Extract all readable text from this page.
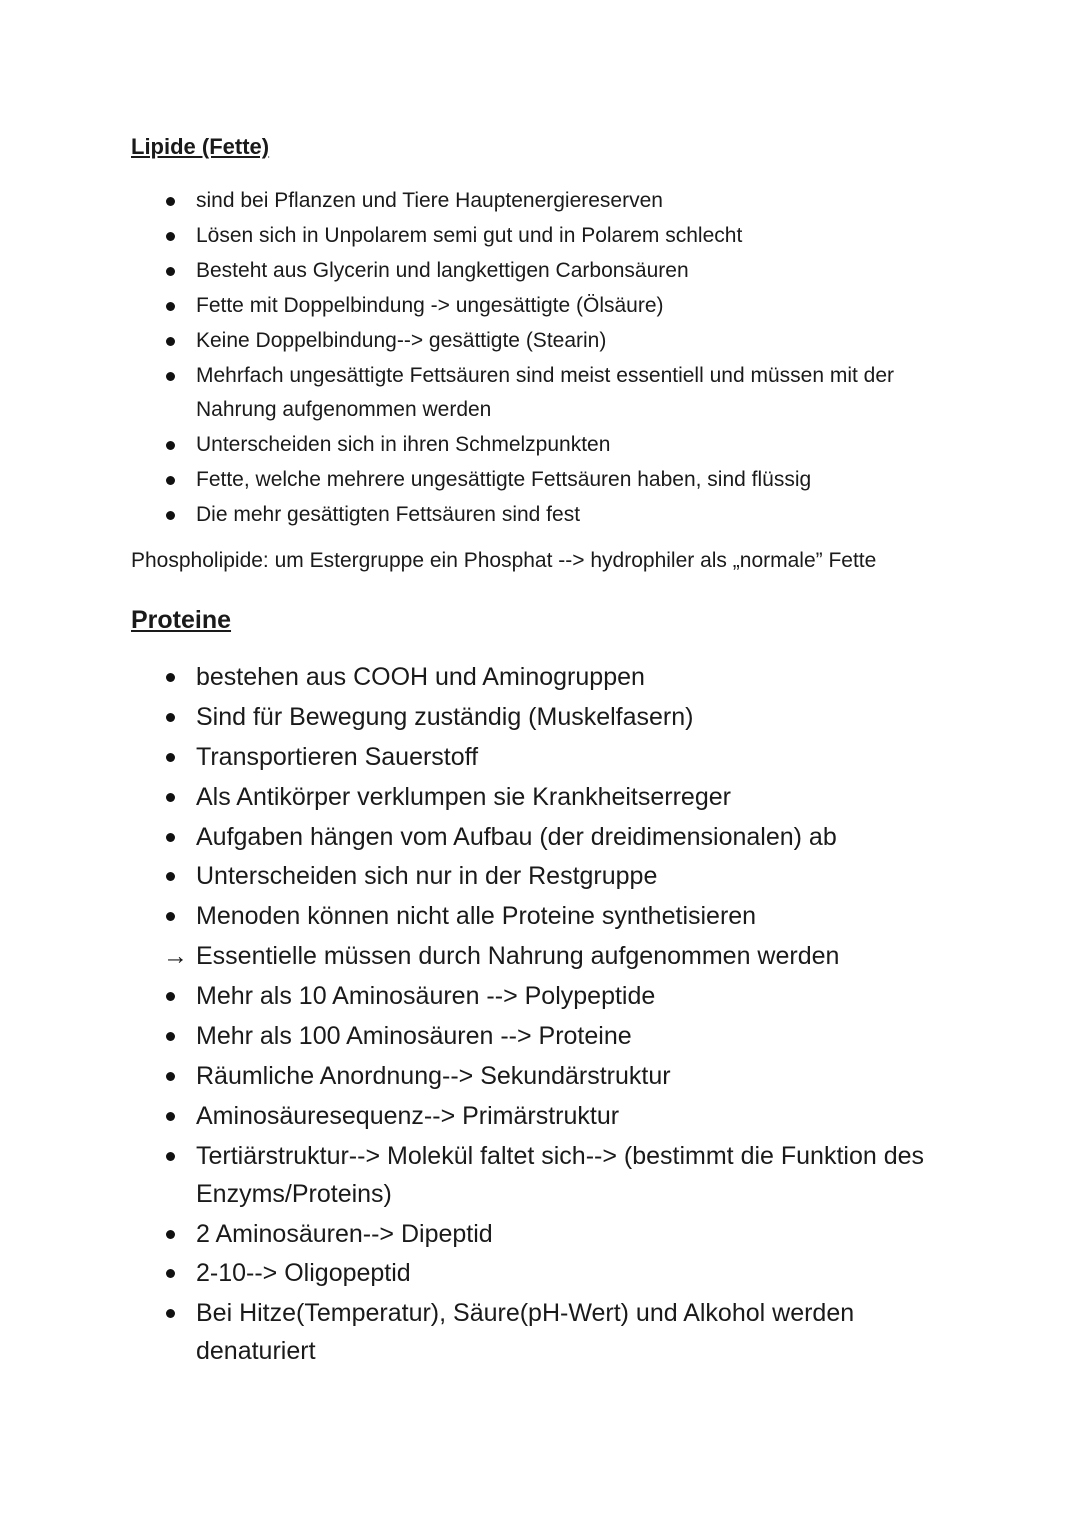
Lipide (Fette)
sind bei Pflanzen und Tiere Hauptenergiereserven
Lösen sich in Unpolarem semi gut und in Polarem schlecht
Besteht aus Glycerin und langkettigen Carbonsäuren
Fette mit Doppelbindung -> ungesättigte (Ölsäure)
Keine Doppelbindung--> gesättigte (Stearin)
Mehrfach ungesättigte Fettsäuren sind meist essentiell und müssen mit der Nahrung aufgenommen werden
Unterscheiden sich in ihren Schmelzpunkten
Fette, welche mehrere ungesättigte Fettsäuren haben, sind flüssig
Die mehr gesättigten Fettsäuren sind fest

Phospholipide: um Estergruppe ein Phosphat --> hydrophiler als „normale” Fette

Proteine
bestehen aus COOH und Aminogruppen
Sind für Bewegung zuständig (Muskelfasern)
Transportieren Sauerstoff
Als Antikörper verklumpen sie Krankheitserreger
Aufgaben hängen vom Aufbau (der dreidimensionalen) ab
Unterscheiden sich nur in der Restgruppe
Menoden können nicht alle Proteine synthetisieren
→ Essentielle müssen durch Nahrung aufgenommen werden
Mehr als 10 Aminosäuren --> Polypeptide
Mehr als 100 Aminosäuren --> Proteine
Räumliche Anordnung--> Sekundärstruktur
Aminosäuresequenz--> Primärstruktur
Tertiärstruktur--> Molekül faltet sich--> (bestimmt die Funktion des Enzyms/Proteins)
2 Aminosäuren--> Dipeptid
2-10--> Oligopeptid
Bei Hitze(Temperatur), Säure(pH-Wert) und Alkohol werden denaturiert
